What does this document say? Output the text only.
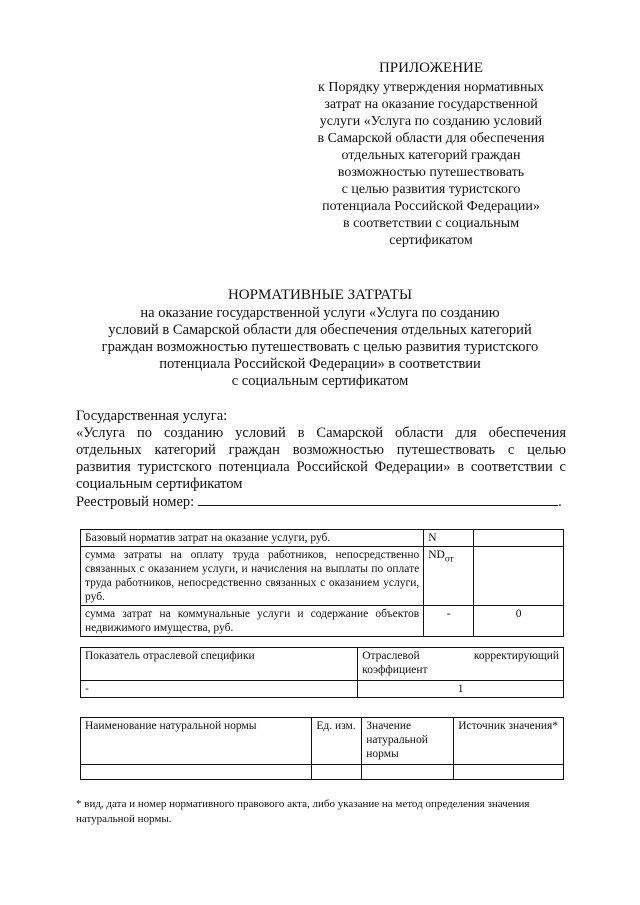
ПРИЛОЖЕНИЕ
к Порядку утверждения нормативных
затрат на оказание государственной
услуги «Услуга по созданию условий
в Самарской области для обеспечения
отдельных категорий граждан
возможностью путешествовать
с целью развития туристского
потенциала Российской Федерации»
в соответствии с социальным
сертификатом
НОРМАТИВНЫЕ ЗАТРАТЫ
на оказание государственной услуги «Услуга по созданию
условий в Самарской области для обеспечения отдельных категорий
граждан возможностью путешествовать с целью развития туристского
потенциала Российской Федерации» в соответствии
с социальным сертификатом
Государственная услуга:
«Услуга по созданию условий в Самарской области для обеспечения
отдельных категорий граждан возможностью путешествовать с целью
развития туристского потенциала Российской Федерации» в соответствии с
социальным сертификатом
Реестровый номер:	.
Базовый норматив затрат на оказание услуги, руб.	N	
сумма затраты на оплату труда работников, непосредственно связанных с оказанием услуги, и начисления на выплаты по оплате труда работников, непосредственно связанных с оказанием услуги, руб.	$ND_{от}$	
сумма затрат на коммунальные услуги и содержание объектов недвижимого имущества, руб.	-	0
Показатель отраслевой специфики	Отраслевой корректирующий
коэффициент

-	1
Наименование натуральной нормы	Ед. изм.	Значение натуральной нормы	Источник значения*

* вид, дата и номер нормативного правового акта, либо указание на метод определения значения натуральной нормы.
